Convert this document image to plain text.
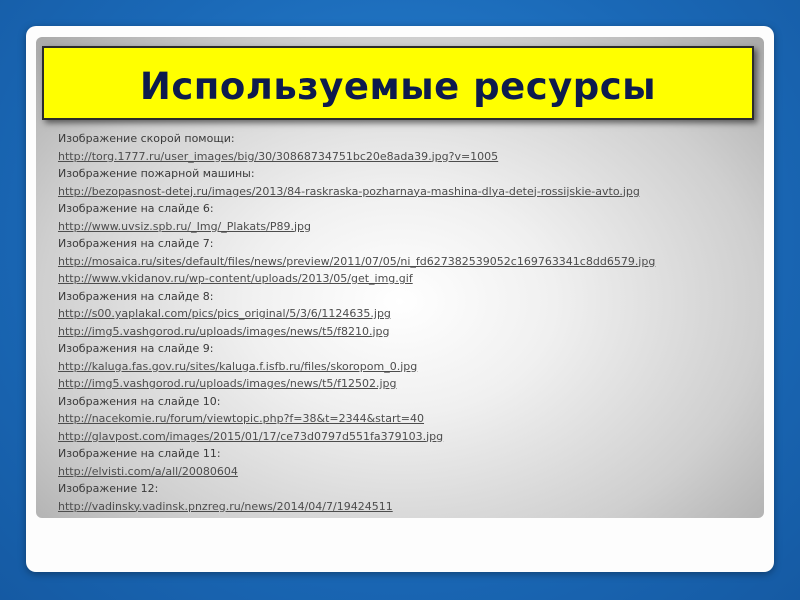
Используемые ресурсы
Изображение скорой помощи:
http://torg.1777.ru/user_images/big/30/30868734751bc20e8ada39.jpg?v=1005
Изображение пожарной машины:
http://bezopasnost-detej.ru/images/2013/84-raskraska-pozharnaya-mashina-dlya-detej-rossijskie-avto.jpg
Изображение на слайде 6:
http://www.uvsiz.spb.ru/_Img/_Plakats/P89.jpg
Изображения на слайде 7:
http://mosaica.ru/sites/default/files/news/preview/2011/07/05/ni_fd627382539052c169763341c8dd6579.jpg
http://www.vkidanov.ru/wp-content/uploads/2013/05/get_img.gif
Изображения на слайде 8:
http://s00.yaplakal.com/pics/pics_original/5/3/6/1124635.jpg
http://img5.vashgorod.ru/uploads/images/news/t5/f8210.jpg
Изображения на слайде 9:
http://kaluga.fas.gov.ru/sites/kaluga.f.isfb.ru/files/skoropom_0.jpg
http://img5.vashgorod.ru/uploads/images/news/t5/f12502.jpg
Изображения на слайде 10:
http://nacekomie.ru/forum/viewtopic.php?f=38&t=2344&start=40
http://glavpost.com/images/2015/01/17/ce73d0797d551fa379103.jpg
Изображение на слайде 11:
http://elvisti.com/a/all/20080604
Изображение 12:
http://vadinsky.vadinsk.pnzreg.ru/news/2014/04/7/19424511
